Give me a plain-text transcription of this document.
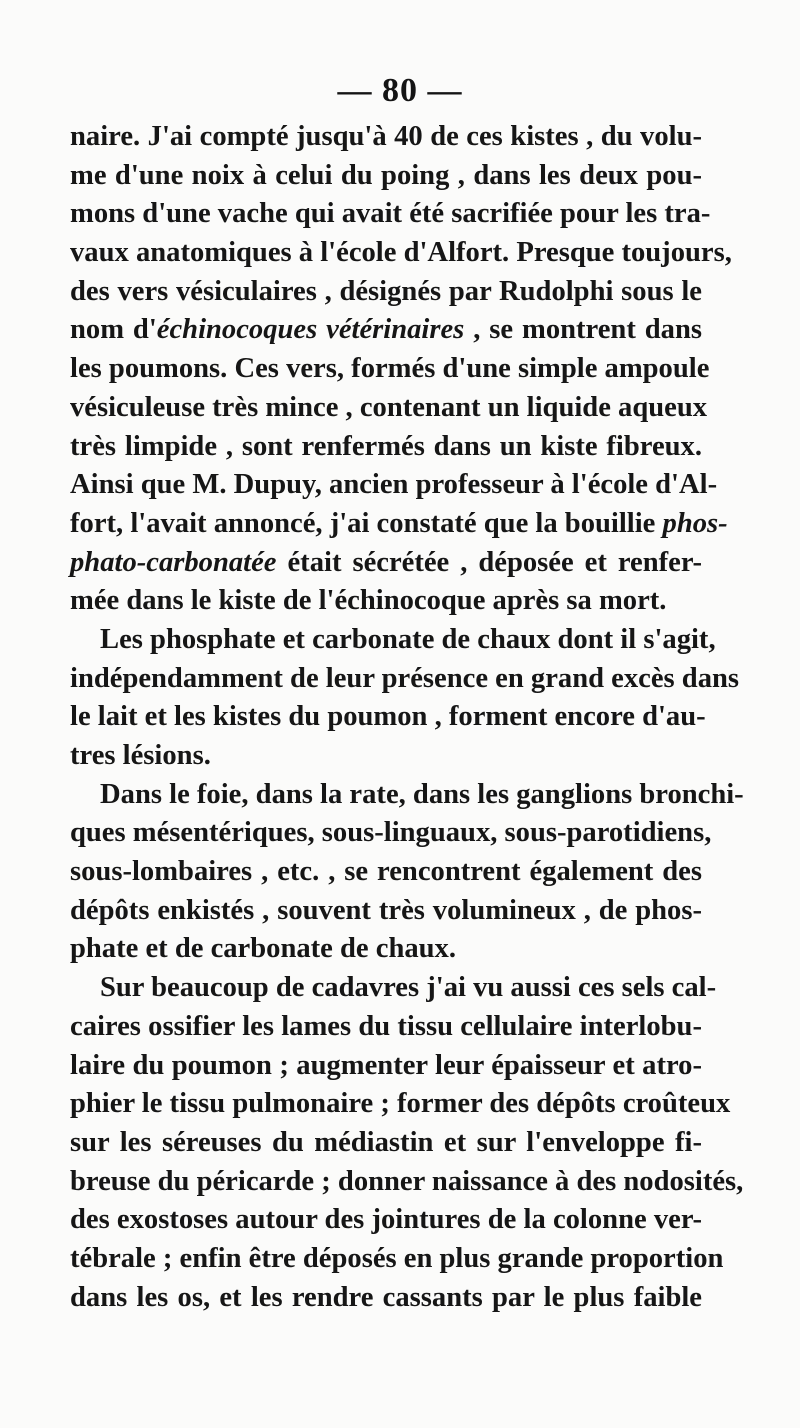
— 80 —
naire. J'ai compté jusqu'à 40 de ces kistes , du volu-
me d'une noix à celui du poing , dans les deux pou-
mons d'une vache qui avait été sacrifiée pour les tra-
vaux anatomiques à l'école d'Alfort. Presque toujours,
des vers vésiculaires , désignés par Rudolphi sous le
nom d'échinocoques vétérinaires , se montrent dans
les poumons. Ces vers, formés d'une simple ampoule
vésiculeuse très mince , contenant un liquide aqueux
très limpide , sont renfermés dans un kiste fibreux.
Ainsi que M. Dupuy, ancien professeur à l'école d'Al-
fort, l'avait annoncé, j'ai constaté que la bouillie phos-
phato-carbonatée était sécrétée , déposée et renfer-
mée dans le kiste de l'échinocoque après sa mort.
Les phosphate et carbonate de chaux dont il s'agit,
indépendamment de leur présence en grand excès dans
le lait et les kistes du poumon , forment encore d'au-
tres lésions.
Dans le foie, dans la rate, dans les ganglions bronchi-
ques mésentériques, sous-linguaux, sous-parotidiens,
sous-lombaires , etc. , se rencontrent également des
dépôts enkistés , souvent très volumineux , de phos-
phate et de carbonate de chaux.
Sur beaucoup de cadavres j'ai vu aussi ces sels cal-
caires ossifier les lames du tissu cellulaire interlobu-
laire du poumon ; augmenter leur épaisseur et atro-
phier le tissu pulmonaire ; former des dépôts croûteux
sur les séreuses du médiastin et sur l'enveloppe fi-
breuse du péricarde ; donner naissance à des nodosités,
des exostoses autour des jointures de la colonne ver-
tébrale ; enfin être déposés en plus grande proportion
dans les os, et les rendre cassants par le plus faible
